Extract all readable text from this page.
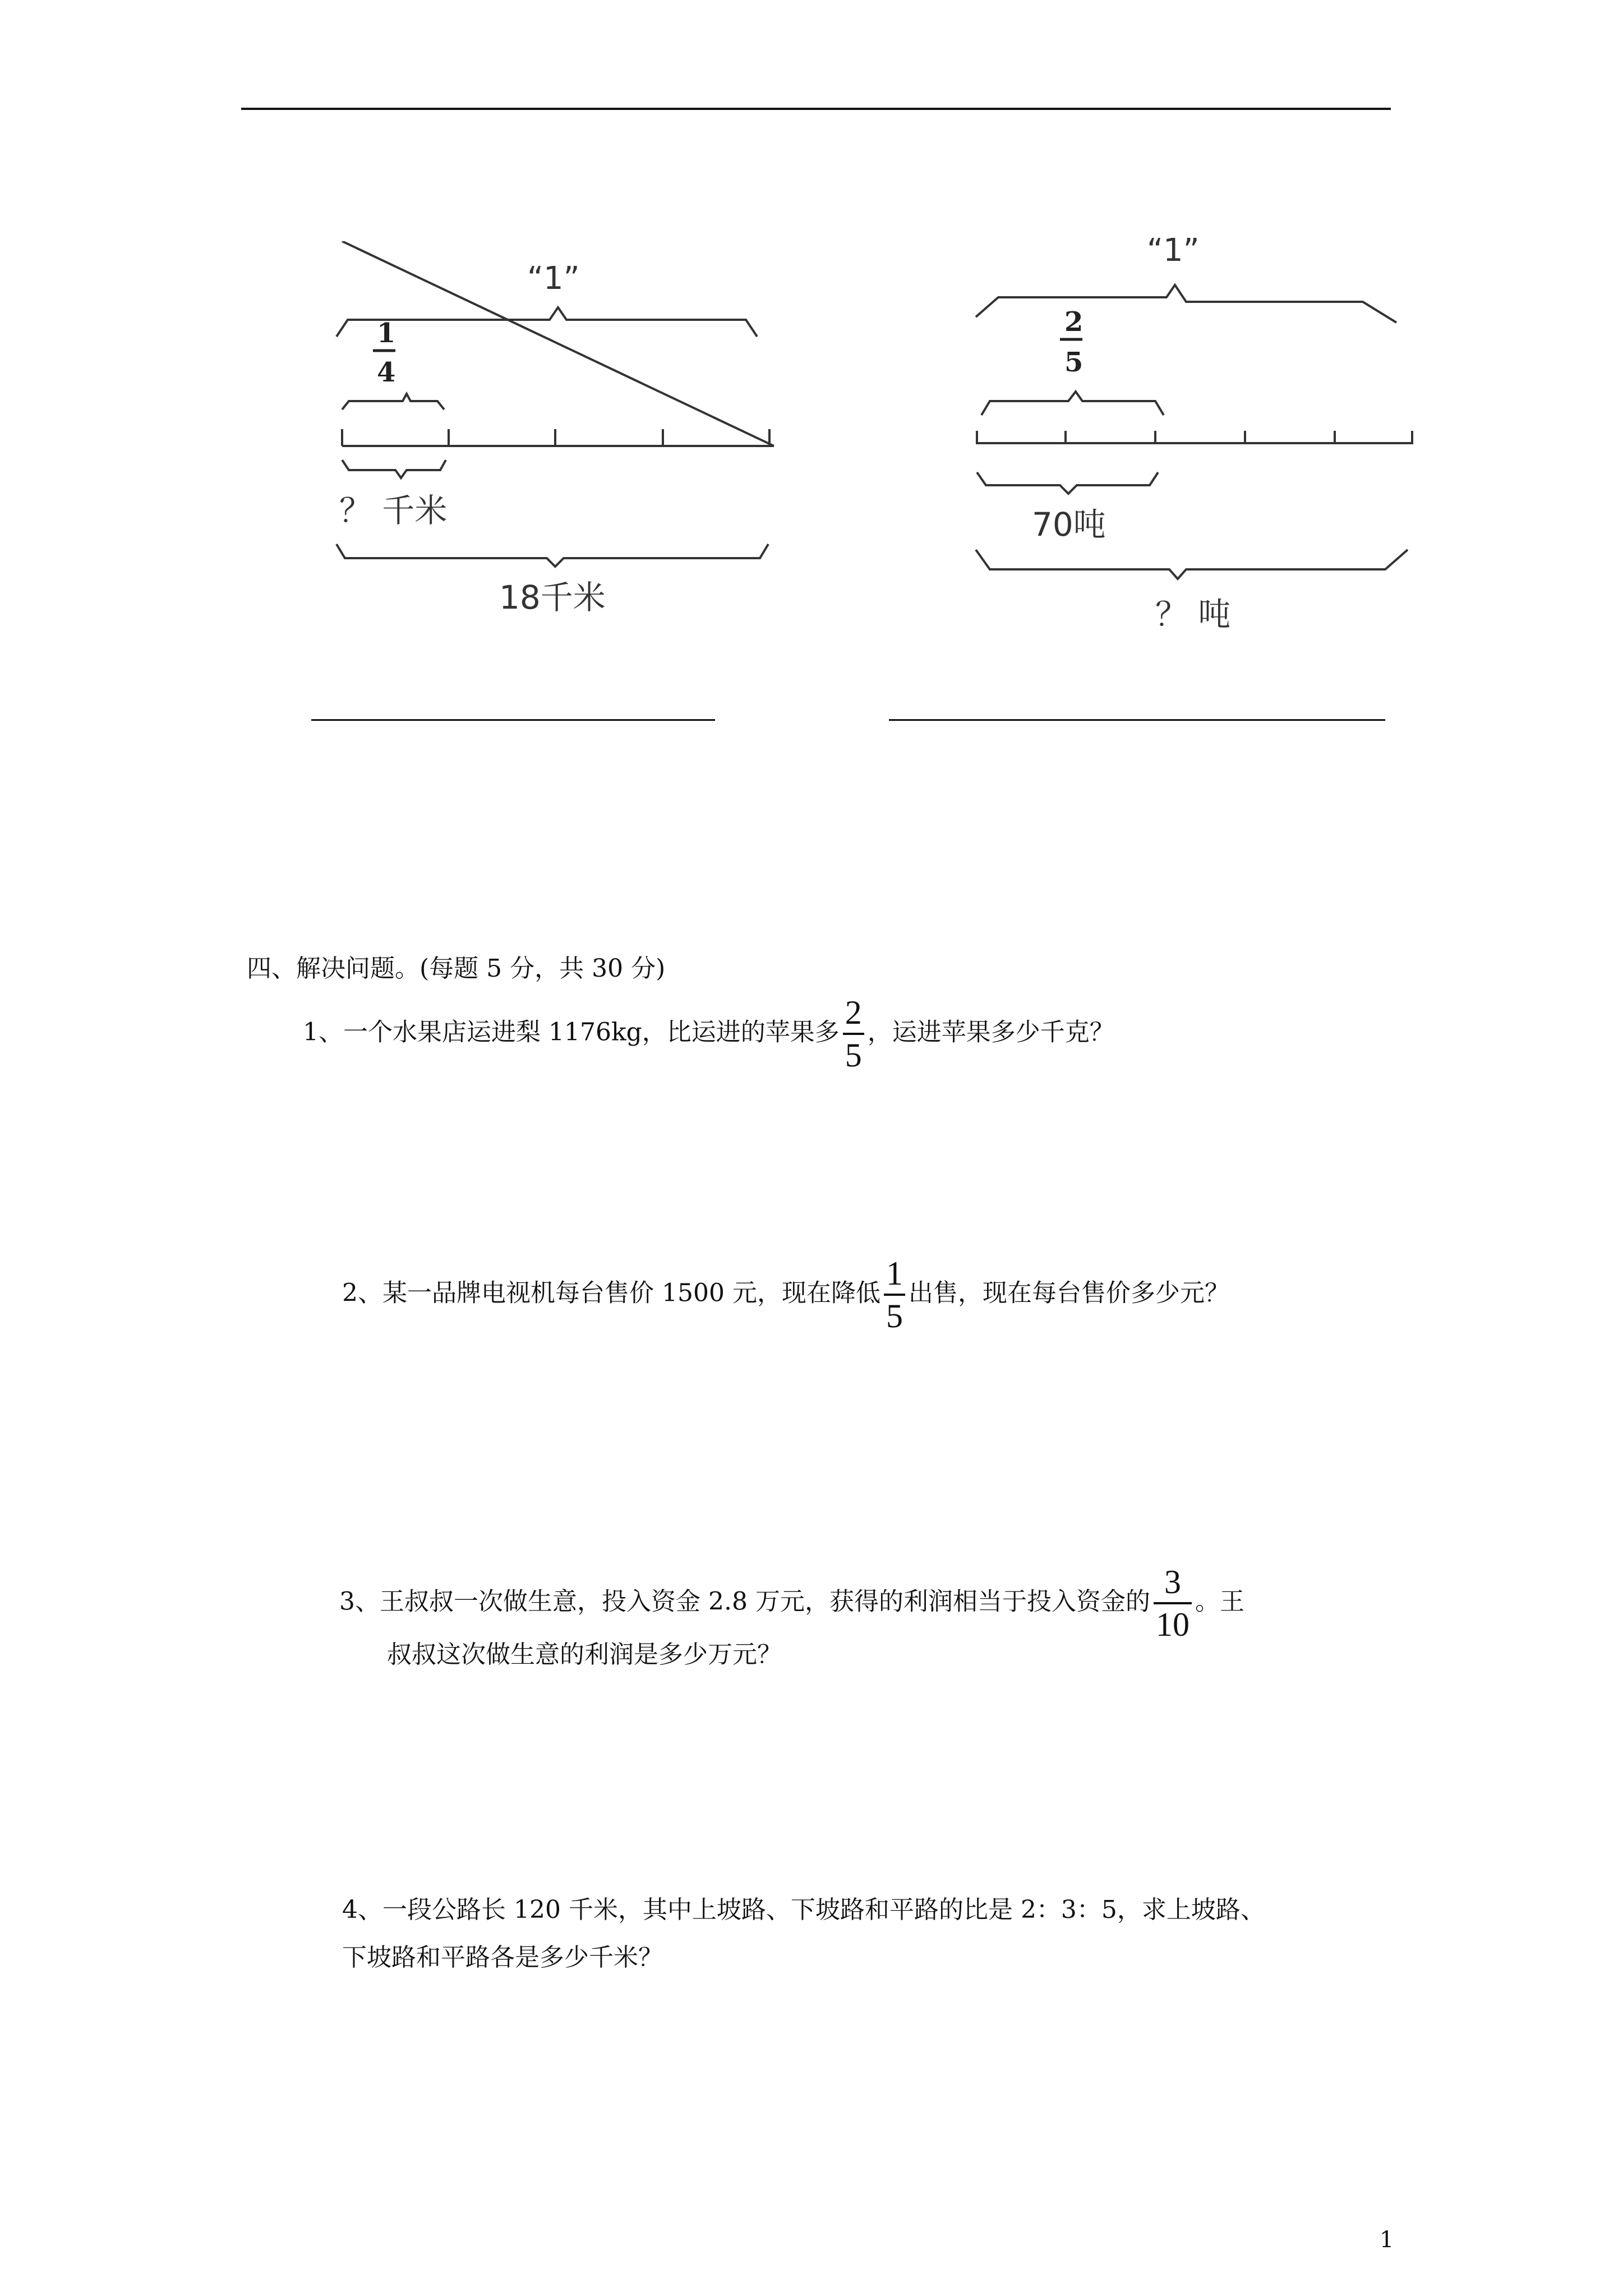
“1”
1
4
？ 千米
18千米
“1”
2
5
70吨
？ 吨
四、解决问题。(每题 5 分，共 30 分)
1、一个水果店运进梨 1176kg，比运进的苹果多 $\frac{2}{5}$ ，运进苹果多少千克？
2、某一品牌电视机每台售价 1500 元，现在降低 $\frac{1}{5}$ 出售，现在每台售价多少元？
3、王叔叔一次做生意，投入资金 2.8 万元，获得的利润相当于投入资金的 $\frac{3}{10}$ 。王
叔叔这次做生意的利润是多少万元？
4、一段公路长 120 千米，其中上坡路、下坡路和平路的比是 2：3：5，求上坡路、
下坡路和平路各是多少千米？
1
